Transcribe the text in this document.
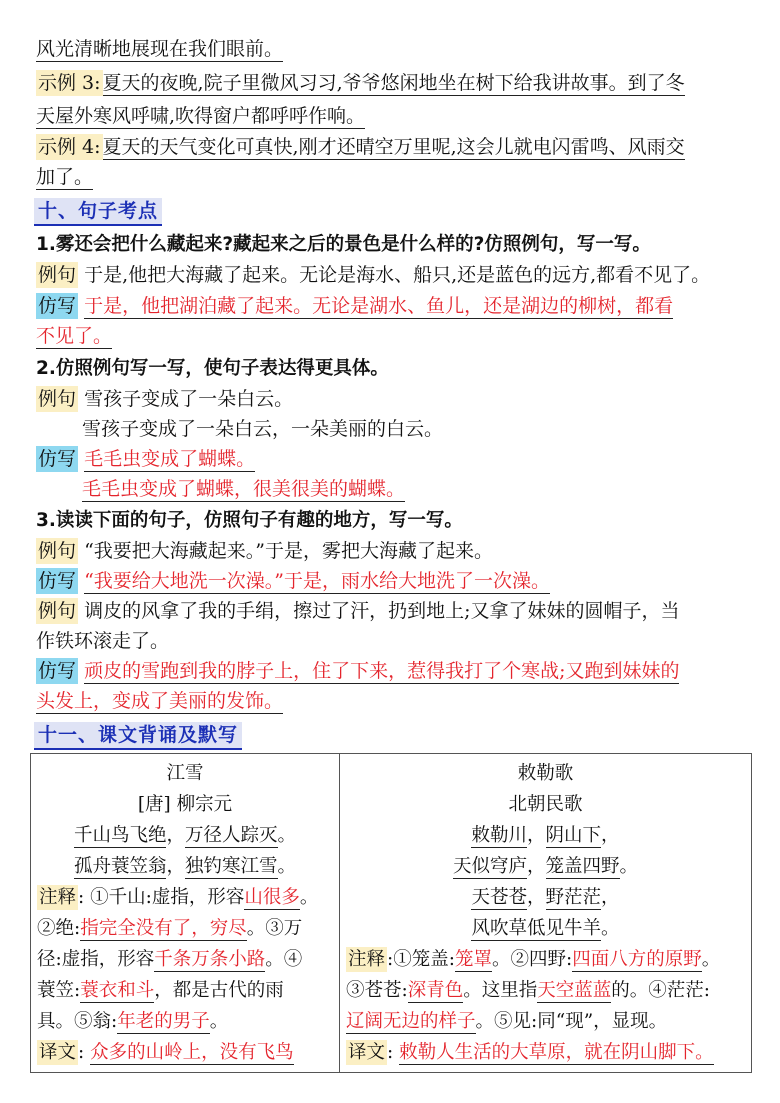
风光清晰地展现在我们眼前。
示例 3: 夏天的夜晚,院子里微风习习,爷爷悠闲地坐在树下给我讲故事。到了冬
天屋外寒风呼啸,吹得窗户都呼呼作响。
示例 4: 夏天的天气变化可真快,刚才还晴空万里呢,这会儿就电闪雷鸣、风雨交
加了。
十、句子考点
1.雾还会把什么藏起来?藏起来之后的景色是什么样的?仿照例句，写一写。
例句 于是,他把大海藏了起来。无论是海水、船只,还是蓝色的远方,都看不见了。
仿写 于是，他把湖泊藏了起来。无论是湖水、鱼儿，还是湖边的柳树，都看
不见了。
2.仿照例句写一写，使句子表达得更具体。
例句 雪孩子变成了一朵白云。
雪孩子变成了一朵白云，一朵美丽的白云。
仿写 毛毛虫变成了蝴蝶。
毛毛虫变成了蝴蝶，很美很美的蝴蝶。
3.读读下面的句子，仿照句子有趣的地方，写一写。
例句 “我要把大海藏起来。”于是，雾把大海藏了起来。
仿写 “我要给大地洗一次澡。”于是，雨水给大地洗了一次澡。
例句 调皮的风拿了我的手绢，擦过了汗，扔到地上;又拿了妹妹的圆帽子，当
作铁环滚走了。
仿写 顽皮的雪跑到我的脖子上，住了下来，惹得我打了个寒战;又跑到妹妹的
头发上，变成了美丽的发饰。
十一、课文背诵及默写
江雪
[唐] 柳宗元
千山鸟飞绝，万径人踪灭。
孤舟蓑笠翁，独钓寒江雪。
注释 : ①千山:虚指，形容山很多。
②绝:指完全没有了，穷尽。③万
径:虚指，形容千条万条小路。④
蓑笠:蓑衣和斗，都是古代的雨
具。⑤翁:年老的男子。
译文 : 众多的山岭上，没有飞鸟

敕勒歌
北朝民歌
敕勒川，阴山下，
天似穹庐，笼盖四野。
天苍苍，野茫茫，
风吹草低见牛羊。
注释 :①笼盖:笼罩。②四野:四面八方的原野。
③苍苍:深青色。这里指天空蓝蓝的。④茫茫:
辽阔无边的样子。⑤见:同“现”，显现。
译文 : 敕勒人生活的大草原，就在阴山脚下。
